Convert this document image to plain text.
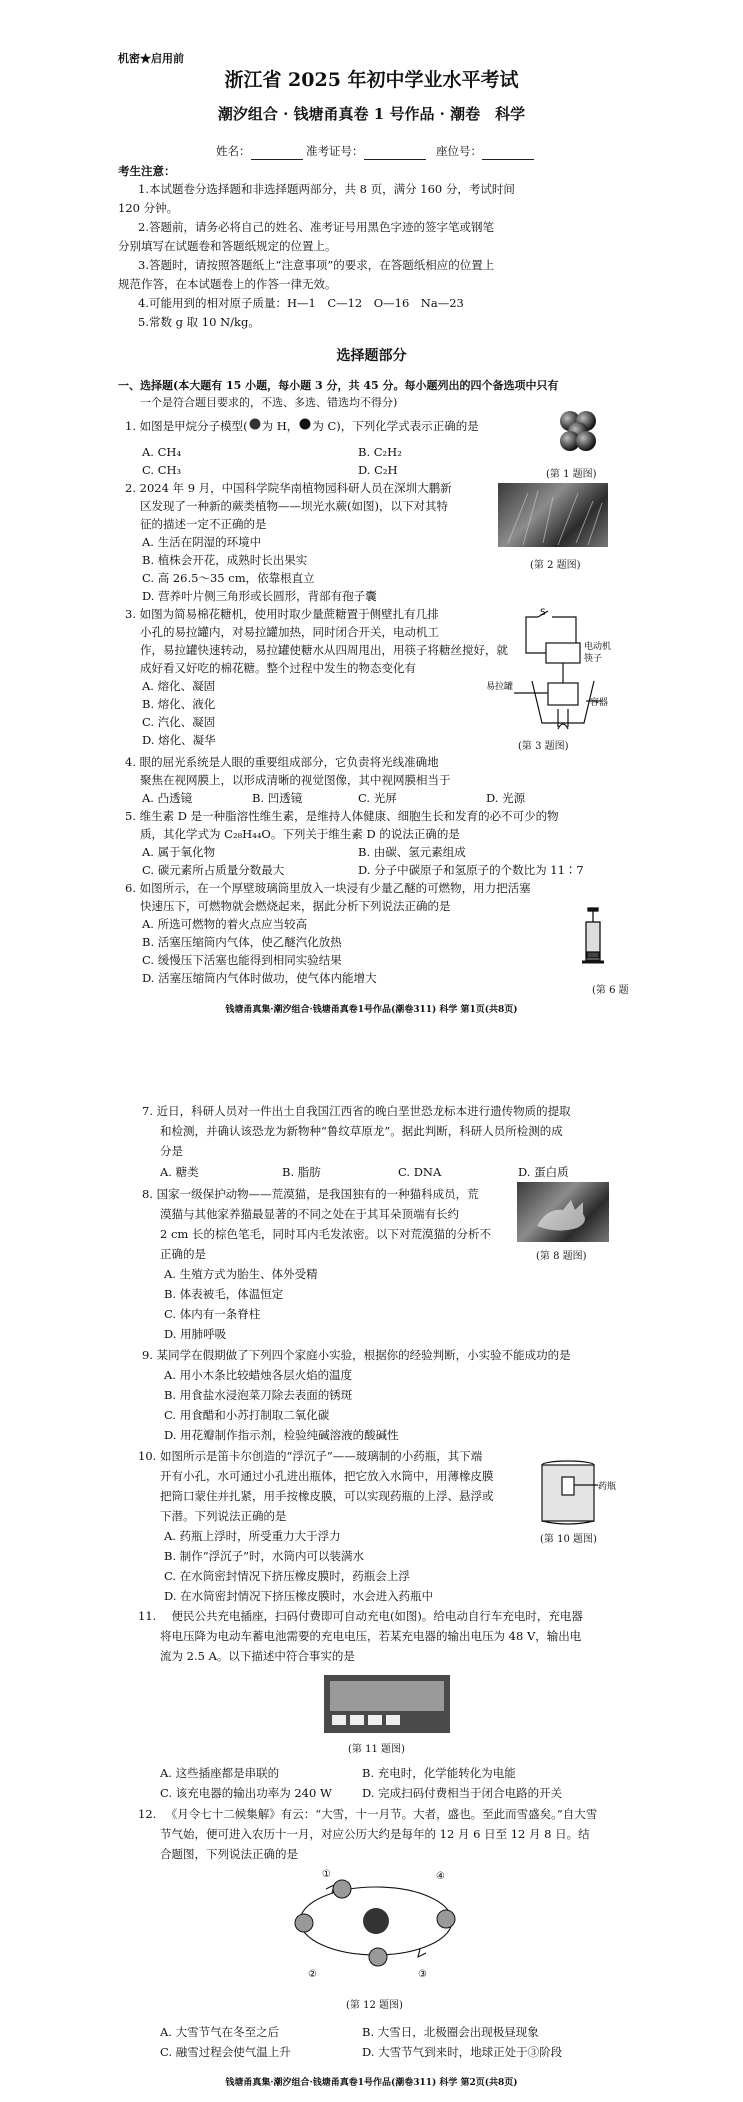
机密★启用前
浙江省 2025 年初中学业水平考试
潮汐组合 · 钱塘甬真卷 1 号作品 · 潮卷　科学
姓名：	准考证号：	座位号：
考生注意：
1.本试题卷分选择题和非选择题两部分，共 8 页，满分 160 分，考试时间
120 分钟。
2.答题前，请务必将自己的姓名、准考证号用黑色字迹的签字笔或钢笔
分别填写在试题卷和答题纸规定的位置上。
3.答题时，请按照答题纸上“注意事项”的要求，在答题纸相应的位置上
规范作答，在本试题卷上的作答一律无效。
4.可能用到的相对原子质量：H—1　C—12　O—16　Na—23
5.常数 g 取 10 N/kg。
选择题部分
一、选择题(本大题有 15 小题，每小题 3 分，共 45 分。每小题列出的四个备选项中只有
一个是符合题目要求的，不选、多选、错选均不得分)
1. 如图是甲烷分子模型( 为 H， 为 C)，下列化学式表示正确的是
A. CH₄	B. C₂H₂
C. CH₃	D. C₂H	(第 1 题图)
2. 2024 年 9 月，中国科学院华南植物园科研人员在深圳大鹏新
区发现了一种新的蕨类植物——坝光水蕨(如图)，以下对其特
征的描述一定不正确的是
A. 生活在阴湿的环境中
B. 植株会开花，成熟时长出果实
C. 高 26.5～35 cm，依靠根直立
D. 营养叶片侧三角形或长圆形，背部有孢子囊
(第 2 题图)
3. 如图为简易棉花糖机，使用时取少量蔗糖置于侧壁扎有几排
小孔的易拉罐内，对易拉罐加热，同时闭合开关，电动机工
作，易拉罐快速转动，易拉罐使糖水从四周甩出，用筷子将糖丝搅好，就
成好看又好吃的棉花糖。整个过程中发生的物态变化有
A. 熔化、凝固
B. 熔化、液化
C. 汽化、凝固
D. 熔化、凝华
S
电动机
筷子
易拉罐
容器
(第 3 题图)
4. 眼的屈光系统是人眼的重要组成部分，它负责将光线准确地
聚焦在视网膜上，以形成清晰的视觉图像，其中视网膜相当于
A. 凸透镜	B. 凹透镜	C. 光屏	D. 光源
5. 维生素 D 是一种脂溶性维生素，是维持人体健康、细胞生长和发育的必不可少的物
质，其化学式为 C₂₈H₄₄O。下列关于维生素 D 的说法正确的是
A. 属于氧化物	B. 由碳、氢元素组成
C. 碳元素所占质量分数最大	D. 分子中碳原子和氢原子的个数比为 11∶7
6. 如图所示，在一个厚壁玻璃筒里放入一块浸有少量乙醚的可燃物，用力把活塞
快速压下，可燃物就会燃烧起来，据此分析下列说法正确的是
A. 所选可燃物的着火点应当较高
B. 活塞压缩筒内气体，使乙醚汽化放热
C. 缓慢压下活塞也能得到相同实验结果
D. 活塞压缩筒内气体时做功，使气体内能增大
(第 6 题
钱塘甬真集·潮汐组合·钱塘甬真卷1号作品(潮卷311) 科学 第1页(共8页)
7. 近日，科研人员对一件出土自我国江西省的晚白垩世恐龙标本进行遗传物质的提取
和检测，并确认该恐龙为新物种“鲁纹草原龙”。据此判断，科研人员所检测的成
分是
A. 糖类	B. 脂肪	C. DNA	D. 蛋白质
8. 国家一级保护动物——荒漠猫，是我国独有的一种猫科成员，荒
漠猫与其他家养猫最显著的不同之处在于其耳朵顶端有长约
2 cm 长的棕色笔毛，同时耳内毛发浓密。以下对荒漠猫的分析不
正确的是	(第 8 题图)
A. 生殖方式为胎生、体外受精
B. 体表被毛，体温恒定
C. 体内有一条脊柱
D. 用肺呼吸
9. 某同学在假期做了下列四个家庭小实验，根据你的经验判断，小实验不能成功的是
A. 用小木条比较蜡烛各层火焰的温度
B. 用食盐水浸泡菜刀除去表面的锈斑
C. 用食醋和小苏打制取二氧化碳
D. 用花瓣制作指示剂，检验纯碱溶液的酸碱性
10. 如图所示是笛卡尔创造的“浮沉子”——玻璃制的小药瓶，其下端
开有小孔，水可通过小孔进出瓶体，把它放入水筒中，用薄橡皮膜
把筒口蒙住并扎紧，用手按橡皮膜，可以实现药瓶的上浮、悬浮或
下潜。下列说法正确的是
A. 药瓶上浮时，所受重力大于浮力
B. 制作“浮沉子”时，水筒内可以装满水
C. 在水筒密封情况下挤压橡皮膜时，药瓶会上浮
D. 在水筒密封情况下挤压橡皮膜时，水会进入药瓶中
药瓶
(第 10 题图)
11. 　便民公共充电插座，扫码付费即可自动充电(如图)。给电动自行车充电时，充电器
将电压降为电动车蓄电池需要的充电电压，若某充电器的输出电压为 48 V，输出电
流为 2.5 A。以下描述中符合事实的是
(第 11 题图)
A. 这些插座都是串联的	B. 充电时，化学能转化为电能
C. 该充电器的输出功率为 240 W	D. 完成扫码付费相当于闭合电路的开关
12. 　《月令七十二候集解》有云：“大雪，十一月节。大者，盛也。至此而雪盛矣。”自大雪
节气始，便可进入农历十一月，对应公历大约是每年的 12 月 6 日至 12 月 8 日。结
合题图，下列说法正确的是
①
②	③
④
(第 12 题图)
A. 大雪节气在冬至之后	B. 大雪日，北极圈会出现极昼现象
C. 融雪过程会使气温上升	D. 大雪节气到来时，地球正处于③阶段
钱塘甬真集·潮汐组合·钱塘甬真卷1号作品(潮卷311) 科学 第2页(共8页)
